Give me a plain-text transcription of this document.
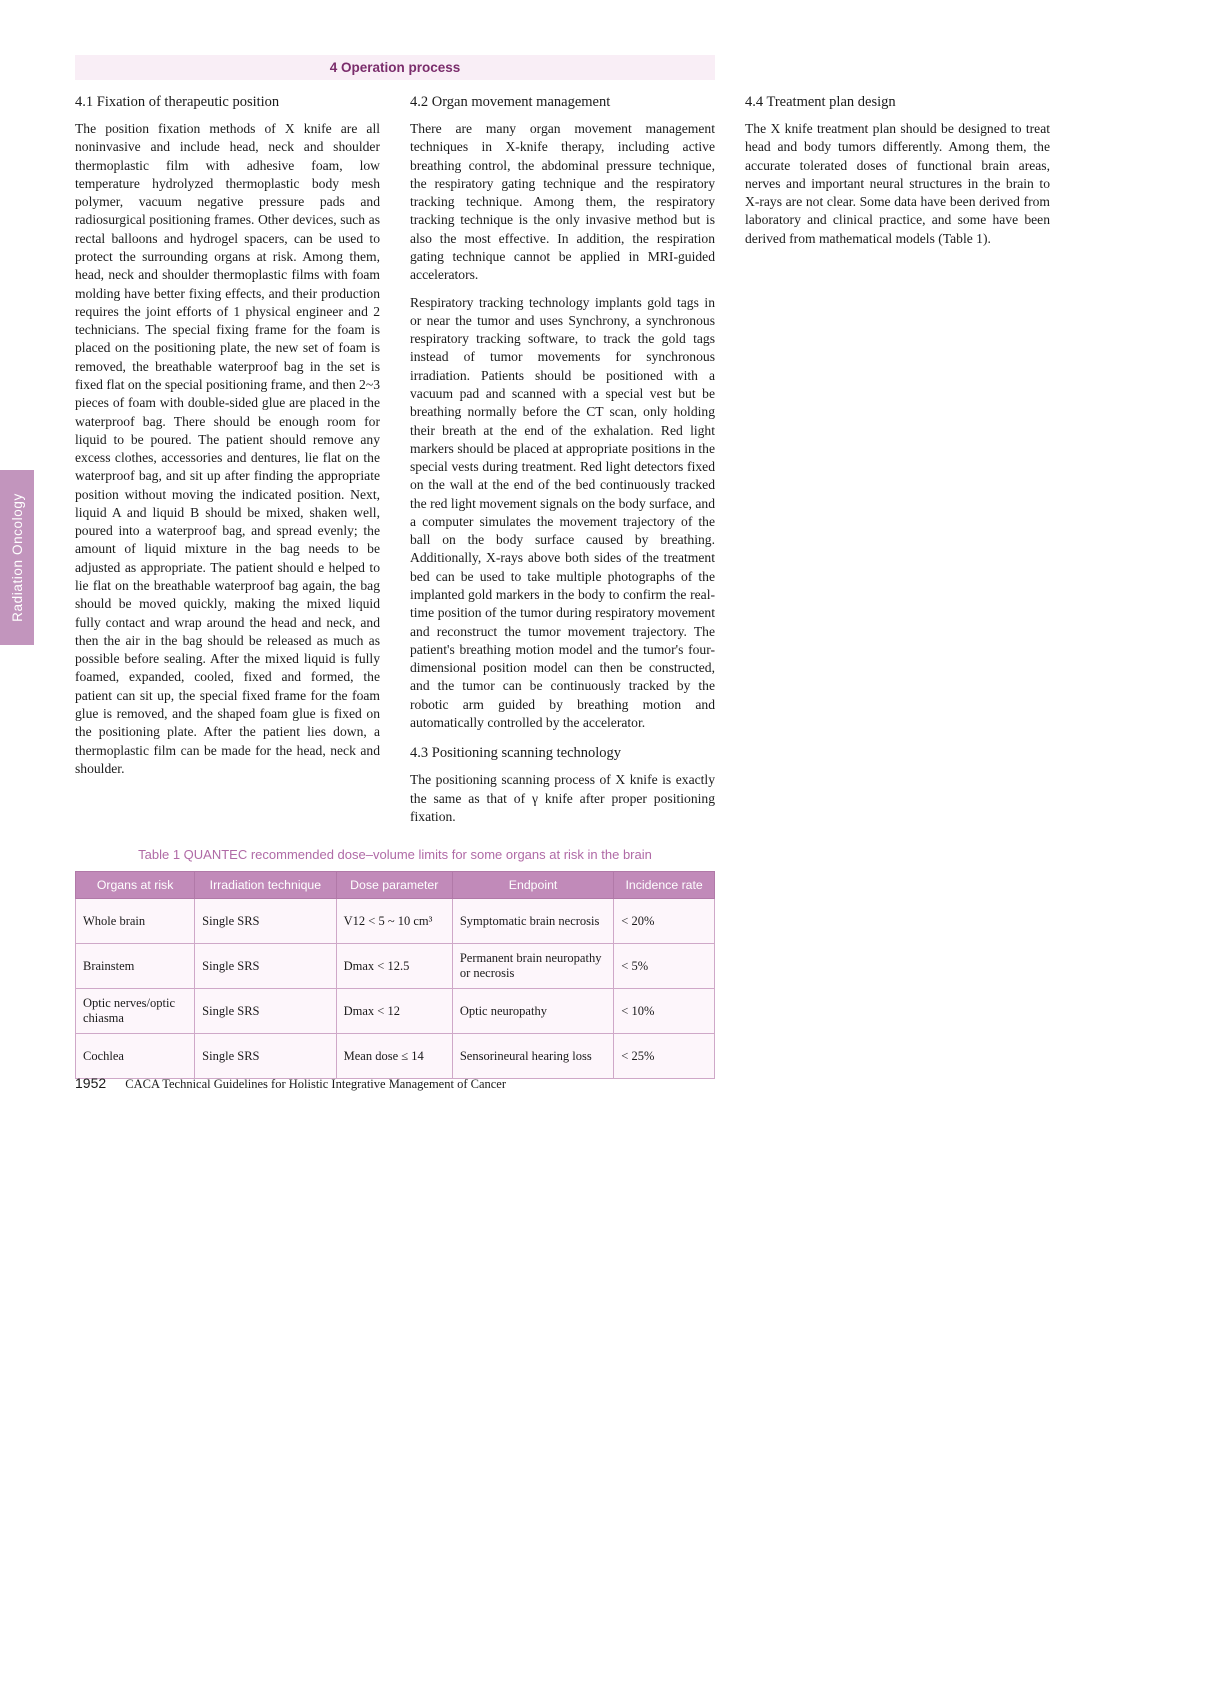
Radiation Oncology
4 Operation process
4.1 Fixation of therapeutic position

The position fixation methods of X knife are all noninvasive and include head, neck and shoulder thermoplastic film with adhesive foam, low temperature hydrolyzed thermoplastic body mesh polymer, vacuum negative pressure pads and radiosurgical positioning frames. Other devices, such as rectal balloons and hydrogel spacers, can be used to protect the surrounding organs at risk. Among them, head, neck and shoulder thermoplastic films with foam molding have better fixing effects, and their production requires the joint efforts of 1 physical engineer and 2 technicians. The special fixing frame for the foam is placed on the positioning plate, the new set of foam is removed, the breathable waterproof bag in the set is fixed flat on the special positioning frame, and then 2~3 pieces of foam with double-sided glue are placed in the waterproof bag. There should be enough room for liquid to be poured. The patient should remove any excess clothes, accessories and dentures, lie flat on the waterproof bag, and sit up after finding the appropriate position without moving the indicated position. Next, liquid A and liquid B should be mixed, shaken well, poured into a waterproof bag, and spread evenly; the amount of liquid mixture in the bag needs to be adjusted as appropriate. The patient should e helped to lie flat on the breathable waterproof bag again, the bag should be moved quickly, making the mixed liquid fully contact and wrap around the head and neck, and then the air in the bag should be released as much as possible before sealing. After the mixed liquid is fully foamed, expanded, cooled, fixed and formed, the patient can sit up, the special fixed frame for the foam glue is removed, and the shaped foam glue is fixed on the positioning plate. After the patient lies down, a thermoplastic film can be made for the head, neck and shoulder.

4.2 Organ movement management

There are many organ movement management techniques in X-knife therapy, including active breathing control, the abdominal pressure technique, the respiratory gating technique and the respiratory tracking technique. Among them, the respiratory tracking technique is the only invasive method but is also the most effective. In addition, the respiration gating technique cannot be applied in MRI-guided accelerators.

Respiratory tracking technology implants gold tags in or near the tumor and uses Synchrony, a synchronous respiratory tracking software, to track the gold tags instead of tumor movements for synchronous irradiation. Patients should be positioned with a vacuum pad and scanned with a special vest but be breathing normally before the CT scan, only holding their breath at the end of the exhalation. Red light markers should be placed at appropriate positions in the special vests during treatment. Red light detectors fixed on the wall at the end of the bed continuously tracked the red light movement signals on the body surface, and a computer simulates the movement trajectory of the ball on the body surface caused by breathing. Additionally, X-rays above both sides of the treatment bed can be used to take multiple photographs of the implanted gold markers in the body to confirm the real-time position of the tumor during respiratory movement and reconstruct the tumor movement trajectory. The patient's breathing motion model and the tumor's four-dimensional position model can then be constructed, and the tumor can be continuously tracked by the robotic arm guided by breathing motion and automatically controlled by the accelerator.

4.3 Positioning scanning technology

The positioning scanning process of X knife is exactly the same as that of γ knife after proper positioning fixation.

4.4 Treatment plan design

The X knife treatment plan should be designed to treat head and body tumors differently. Among them, the accurate tolerated doses of functional brain areas, nerves and important neural structures in the brain to X-rays are not clear. Some data have been derived from laboratory and clinical practice, and some have been derived from mathematical models (Table 1).

Table 1 QUANTEC recommended dose–volume limits for some organs at risk in the brain
Organs at risk	Irradiation technique	Dose parameter	Endpoint	Incidence rate
Whole brain	Single SRS	V12 < 5 ~ 10 cm³	Symptomatic brain necrosis	< 20%
Brainstem	Single SRS	Dmax < 12.5	Permanent brain neuropathy or necrosis	< 5%
Optic nerves/optic chiasma	Single SRS	Dmax < 12	Optic neuropathy	< 10%
Cochlea	Single SRS	Mean dose ≤ 14	Sensorineural hearing loss	< 25%
1952 CACA Technical Guidelines for Holistic Integrative Management of Cancer
